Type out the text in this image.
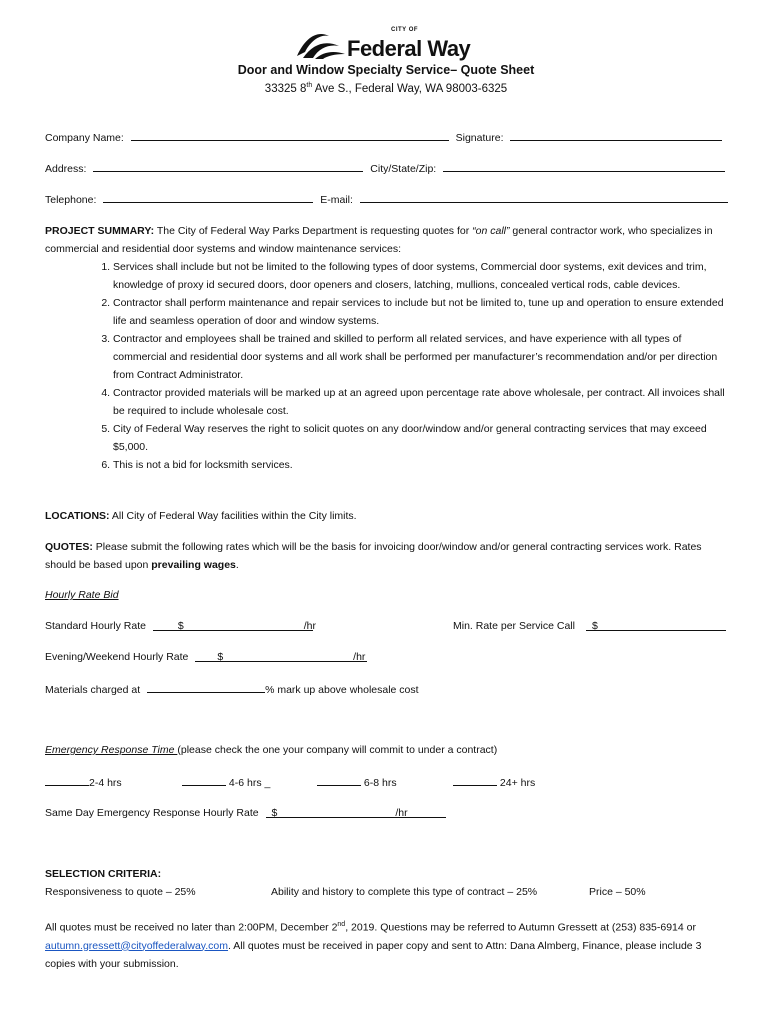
CITY OF
Federal Way
Door and Window Specialty Service– Quote Sheet
33325 8th Ave S., Federal Way, WA 98003-6325
Company Name:	Signature:
Address:	City/State/Zip:
Telephone:	E-mail:

PROJECT SUMMARY: The City of Federal Way Parks Department is requesting quotes for “on call” general contractor work, who specializes in commercial and residential door systems and window maintenance services:

1. Services shall include but not be limited to the following types of door systems, Commercial door systems, exit devices and trim, knowledge of proxy id secured doors, door openers and closers, latching, mullions, concealed vertical rods, cable devices.
2. Contractor shall perform maintenance and repair services to include but not be limited to, tune up and operation to ensure extended life and seamless operation of door and window systems.
3. Contractor and employees shall be trained and skilled to perform all related services, and have experience with all types of commercial and residential door systems and all work shall be performed per manufacturer’s recommendation and/or per direction from Contract Administrator.
4. Contractor provided materials will be marked up at an agreed upon percentage rate above wholesale, per contract. All invoices shall be required to include wholesale cost.
5. City of Federal Way reserves the right to solicit quotes on any door/window and/or general contracting services that may exceed $5,000.
6. This is not a bid for locksmith services.

LOCATIONS: All City of Federal Way facilities within the City limits.

QUOTES: Please submit the following rates which will be the basis for invoicing door/window and/or general contracting services work. Rates should be based upon prevailing wages.

Hourly Rate Bid
Standard Hourly Rate	$	/hr	Min. Rate per Service Call	$
Evening/Weekend Hourly Rate	$	/hr
Materials charged at	% mark up above wholesale cost
Emergency Response Time (please check the one your company will commit to under a contract)
2-4 hrs	4-6 hrs _	6-8 hrs	24+ hrs
Same Day Emergency Response Hourly Rate $	/hr
SELECTION CRITERIA:
Responsiveness to quote – 25%	Ability and history to complete this type of contract – 25%	Price – 50%

All quotes must be received no later than 2:00PM, December 2nd, 2019. Questions may be referred to Autumn Gressett at (253) 835-6914 or autumn.gressett@cityoffederalway.com. All quotes must be received in paper copy and sent to Attn: Dana Almberg, Finance, please include 3 copies with your submission.
